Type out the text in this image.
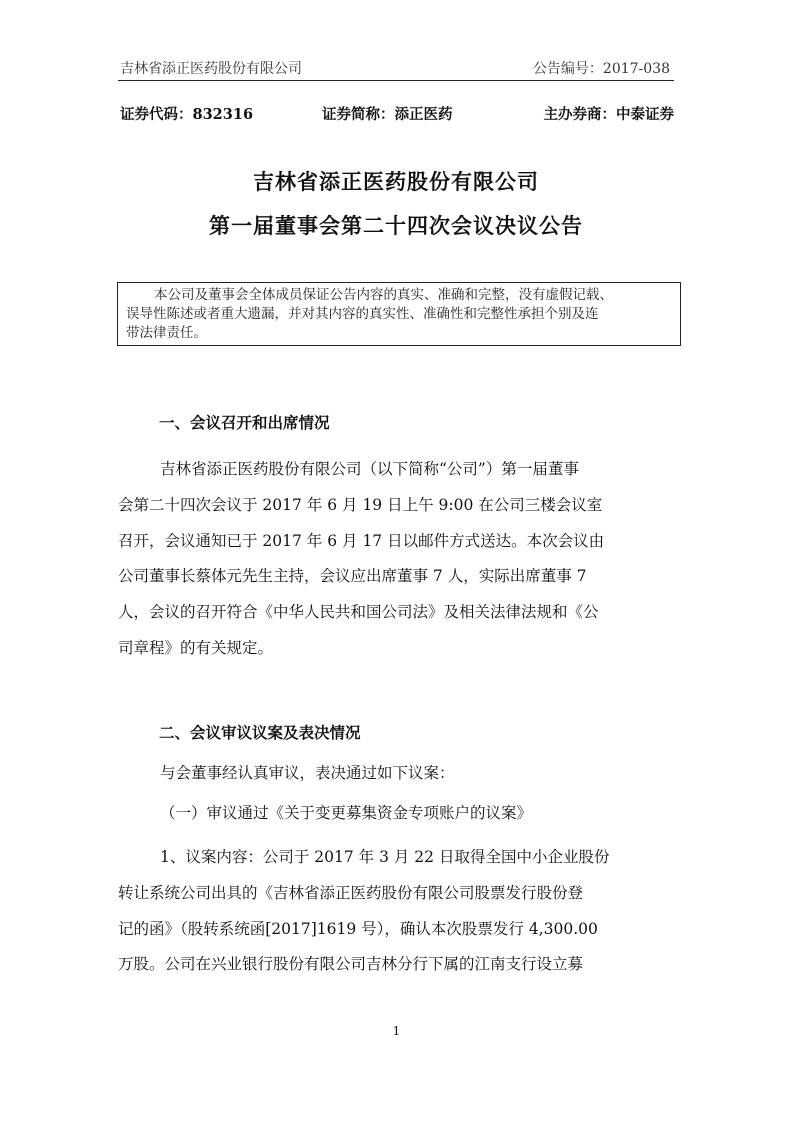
吉林省添正医药股份有限公司	公告编号：2017-038
证券代码：832316	证券简称：添正医药	主办券商：中泰证券
吉林省添正医药股份有限公司
第一届董事会第二十四次会议决议公告
本公司及董事会全体成员保证公告内容的真实、准确和完整，没有虚假记载、
误导性陈述或者重大遗漏，并对其内容的真实性、准确性和完整性承担个别及连
带法律责任。
一、会议召开和出席情况
吉林省添正医药股份有限公司（以下简称“公司”）第一届董事
会第二十四次会议于 2017 年 6 月 19 日上午 9:00 在公司三楼会议室
召开，会议通知已于 2017 年 6 月 17 日以邮件方式送达。本次会议由
公司董事长蔡体元先生主持，会议应出席董事 7 人，实际出席董事 7
人，会议的召开符合《中华人民共和国公司法》及相关法律法规和《公
司章程》的有关规定。
二、会议审议议案及表决情况
与会董事经认真审议，表决通过如下议案：
（一）审议通过《关于变更募集资金专项账户的议案》
1、议案内容：公司于 2017 年 3 月 22 日取得全国中小企业股份
转让系统公司出具的《吉林省添正医药股份有限公司股票发行股份登
记的函》（股转系统函[2017]1619 号），确认本次股票发行 4,300.00
万股。公司在兴业银行股份有限公司吉林分行下属的江南支行设立募
1
